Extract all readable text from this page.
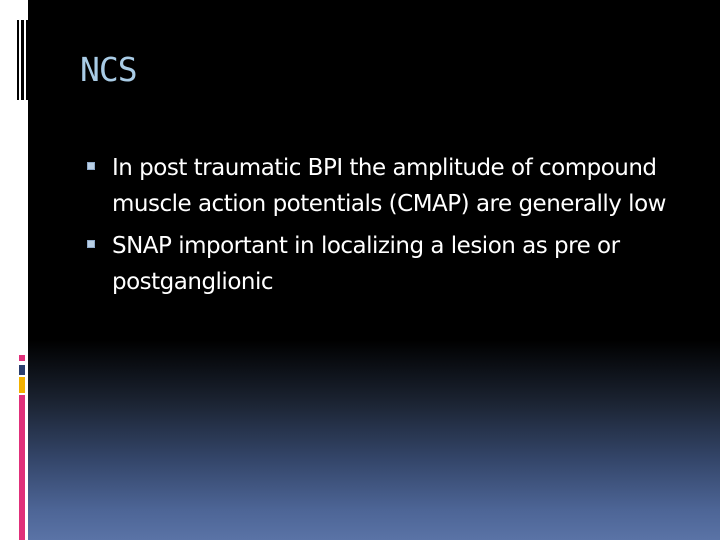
NCS
In post traumatic BPI the amplitude of compound muscle action potentials (CMAP) are generally low
SNAP important in localizing a lesion as pre or postganglionic
